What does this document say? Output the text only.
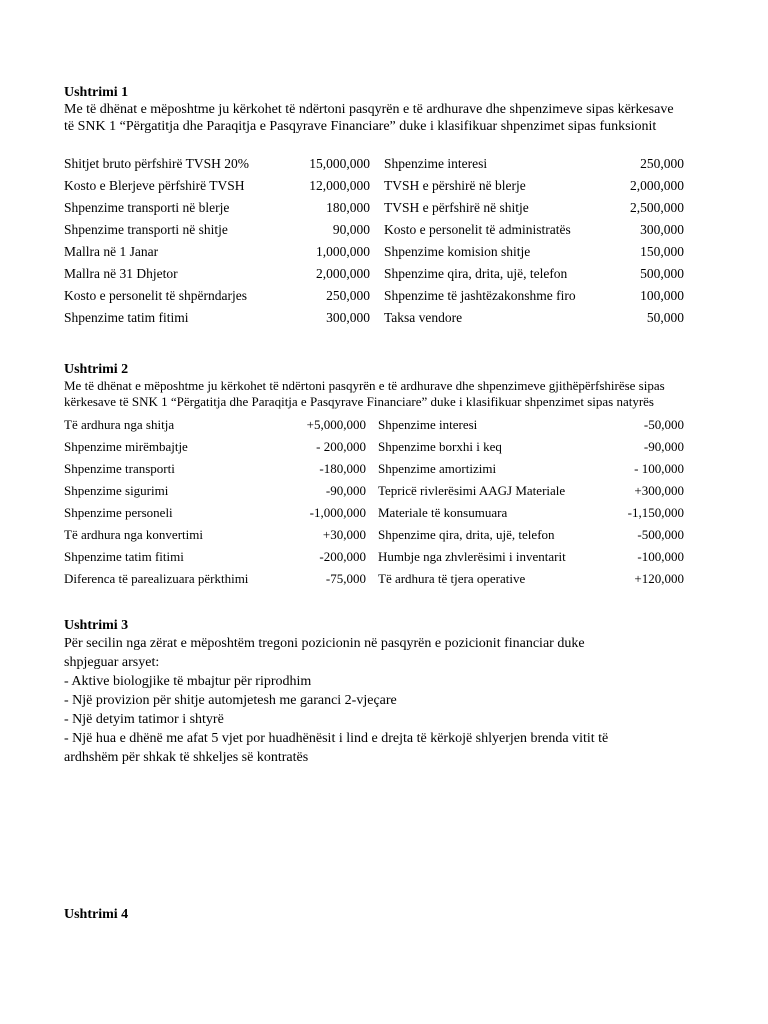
Ushtrimi 1

Me të dhënat e mëposhtme ju kërkohet të ndërtoni pasqyrën e të ardhurave dhe shpenzimeve sipas kërkesave të SNK 1 “Përgatitja dhe Paraqitja e Pasqyrave Financiare” duke i klasifikuar shpenzimet sipas funksionit

Shitjet bruto përfshirë TVSH 20%	15,000,000		Shpenzime interesi	250,000
Kosto e Blerjeve përfshirë TVSH	12,000,000		TVSH e përshirë në blerje	2,000,000
Shpenzime transporti në blerje	180,000		TVSH e përfshirë në shitje	2,500,000
Shpenzime transporti në shitje	90,000		Kosto e personelit të administratës	300,000
Mallra në 1 Janar	1,000,000		Shpenzime komision shitje	150,000
Mallra në 31 Dhjetor	2,000,000		Shpenzime qira, drita, ujë, telefon	500,000
Kosto e personelit të shpërndarjes	250,000		Shpenzime të jashtëzakonshme firo	100,000
Shpenzime tatim fitimi	300,000		Taksa vendore	50,000
Ushtrimi 2

Me të dhënat e mëposhtme ju kërkohet të ndërtoni pasqyrën e të ardhurave dhe shpenzimeve gjithëpërfshirëse sipas kërkesave të SNK 1 “Përgatitja dhe Paraqitja e Pasqyrave Financiare” duke i klasifikuar shpenzimet sipas natyrës

Të ardhura nga shitja	+5,000,000		Shpenzime interesi	-50,000
Shpenzime mirëmbajtje	- 200,000		Shpenzime borxhi i keq	-90,000
Shpenzime transporti	-180,000		Shpenzime amortizimi	- 100,000
Shpenzime sigurimi	-90,000		Tepricë rivlerësimi AAGJ Materiale	+300,000
Shpenzime personeli	-1,000,000		Materiale të konsumuara	-1,150,000
Të ardhura nga konvertimi	+30,000		Shpenzime qira, drita, ujë, telefon	-500,000
Shpenzime tatim fitimi	-200,000		Humbje nga zhvlerësimi i inventarit	-100,000
Diferenca të parealizuara përkthimi	-75,000		Të ardhura të tjera operative	+120,000
Ushtrimi 3
Për secilin nga zërat e mëposhtëm tregoni pozicionin në pasqyrën e pozicionit financiar duke
shpjeguar arsyet:
- Aktive biologjike të mbajtur për riprodhim
- Një provizion për shitje automjetesh me garanci 2-vjeçare
- Një detyim tatimor i shtyrë
- Një hua e dhënë me afat 5 vjet por huadhënësit i lind e drejta të kërkojë shlyerjen brenda vitit të
ardhshëm për shkak të shkeljes së kontratës
Ushtrimi 4
